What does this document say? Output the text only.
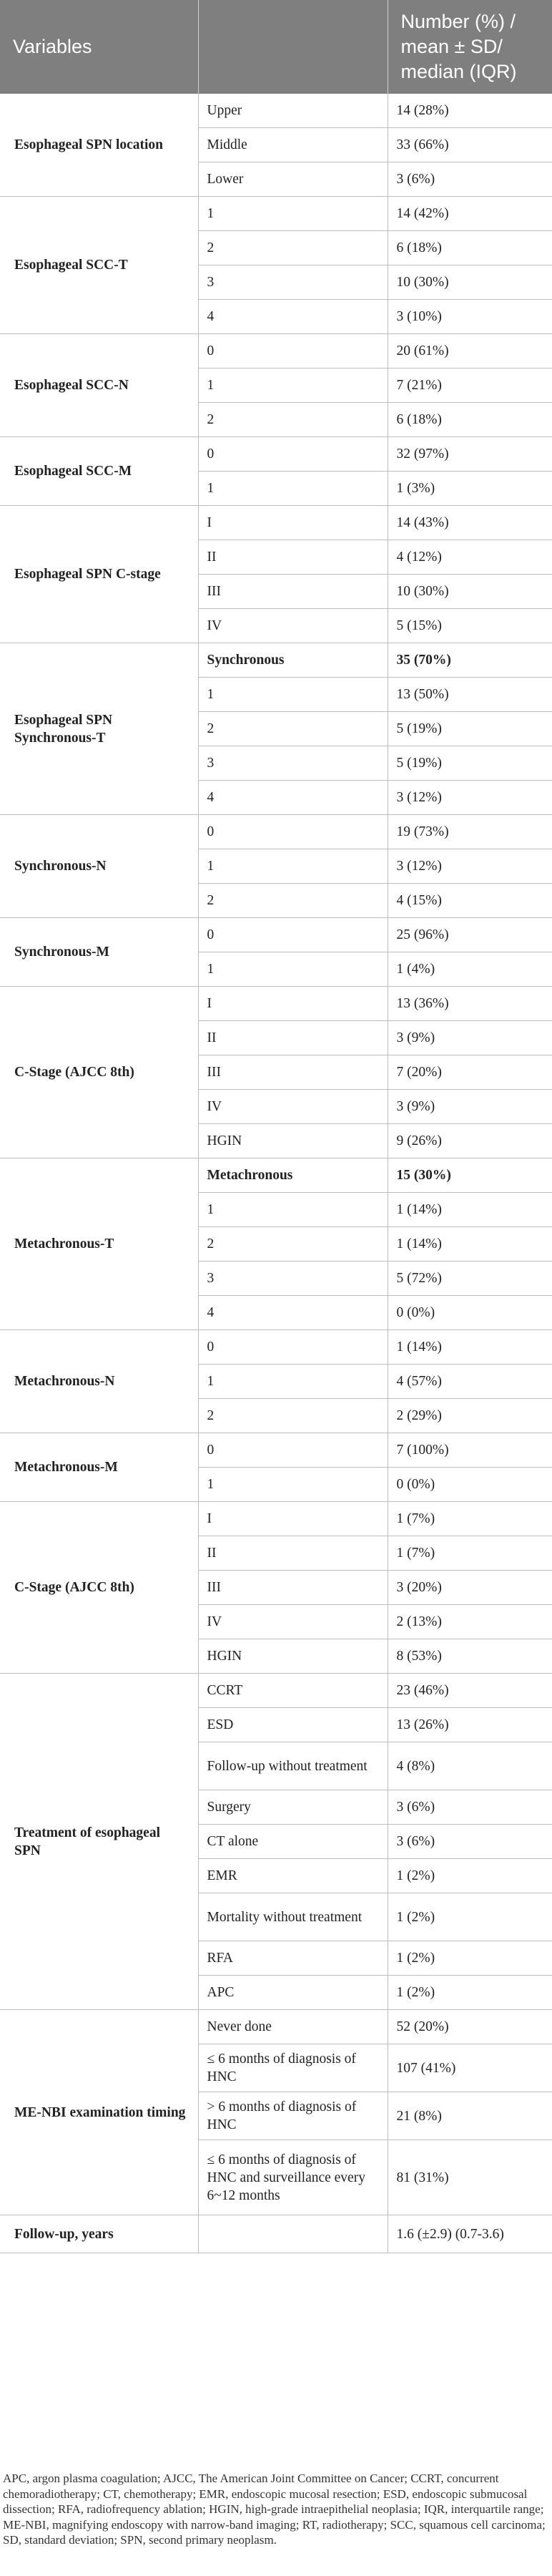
Variables		Number (%) / mean ± SD/ median (IQR)
Esophageal SPN location	Upper	14 (28%)
	Middle	33 (66%)
	Lower	3 (6%)
Esophageal SCC-T	1	14 (42%)
	2	6 (18%)
	3	10 (30%)
	4	3 (10%)
Esophageal SCC-N	0	20 (61%)
	1	7 (21%)
	2	6 (18%)
Esophageal SCC-M	0	32 (97%)
	1	1 (3%)
Esophageal SPN C-stage	I	14 (43%)
	II	4 (12%)
	III	10 (30%)
	IV	5 (15%)
Esophageal SPN Synchronous-T	Synchronous	35 (70%)
	1	13 (50%)
	2	5 (19%)
	3	5 (19%)
	4	3 (12%)
Synchronous-N	0	19 (73%)
	1	3 (12%)
	2	4 (15%)
Synchronous-M	0	25 (96%)
	1	1 (4%)
C-Stage (AJCC 8th)	I	13 (36%)
	II	3 (9%)
	III	7 (20%)
	IV	3 (9%)
	HGIN	9 (26%)
Metachronous-T	Metachronous	15 (30%)
	1	1 (14%)
	2	1 (14%)
	3	5 (72%)
	4	0 (0%)
Metachronous-N	0	1 (14%)
	1	4 (57%)
	2	2 (29%)
Metachronous-M	0	7 (100%)
	1	0 (0%)
C-Stage (AJCC 8th)	I	1 (7%)
	II	1 (7%)
	III	3 (20%)
	IV	2 (13%)
	HGIN	8 (53%)
Treatment of esophageal SPN	CCRT	23 (46%)
	ESD	13 (26%)
	Follow-up without treatment	4 (8%)
	Surgery	3 (6%)
	CT alone	3 (6%)
	EMR	1 (2%)
	Mortality without treatment	1 (2%)
	RFA	1 (2%)
	APC	1 (2%)
ME-NBI examination timing	Never done	52 (20%)
	≤ 6 months of diagnosis of HNC	107 (41%)
	> 6 months of diagnosis of HNC	21 (8%)
	≤ 6 months of diagnosis of HNC and surveillance every 6~12 months	81 (31%)
Follow-up, years		1.6 (±2.9) (0.7-3.6)
APC, argon plasma coagulation; AJCC, The American Joint Committee on Cancer; CCRT, concurrent chemoradiotherapy; CT, chemotherapy; EMR, endoscopic mucosal resection; ESD, endoscopic submucosal dissection; RFA, radiofrequency ablation; HGIN, high-grade intraepithelial neoplasia; IQR, interquartile range; ME-NBI, magnifying endoscopy with narrow-band imaging; RT, radiotherapy; SCC, squamous cell carcinoma; SD, standard deviation; SPN, second primary neoplasm.
